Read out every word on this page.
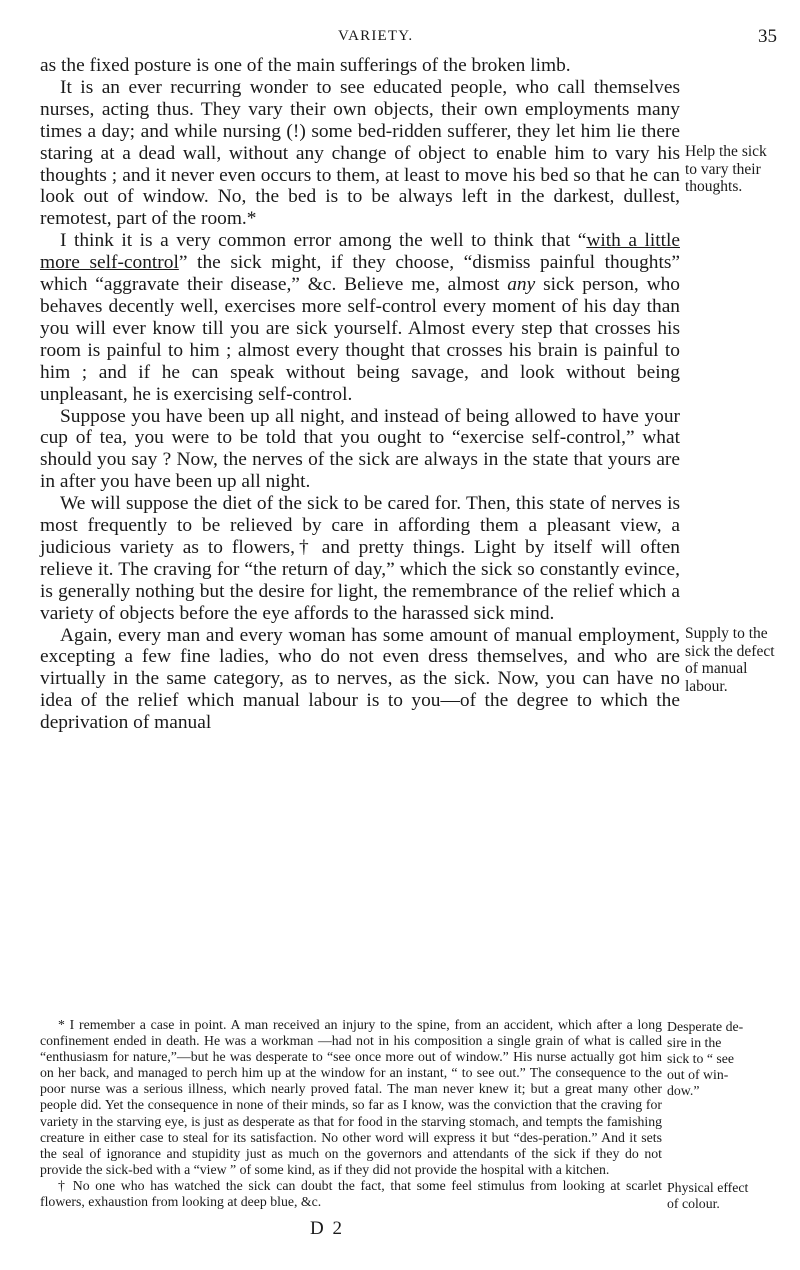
VARIETY.	35

as the fixed posture is one of the main sufferings of the broken limb.

It is an ever recurring wonder to see educated people, who call themselves nurses, acting thus. They vary their own objects, their own employments many times a day; and while nursing (!) some bed-ridden sufferer, they let him lie there staring at a dead wall, without any change of object to enable him to vary his thoughts ; and it never even occurs to them, at least to move his bed so that he can look out of window. No, the bed is to be always left in the darkest, dullest, remotest, part of the room.*

I think it is a very common error among the well to think that “with a little more self-control” the sick might, if they choose, “dismiss painful thoughts” which “aggravate their disease,” &c. Believe me, almost any sick person, who behaves decently well, exercises more self-control every moment of his day than you will ever know till you are sick yourself. Almost every step that crosses his room is painful to him ; almost every thought that crosses his brain is painful to him ; and if he can speak without being savage, and look without being unpleasant, he is exercising self-control.

Suppose you have been up all night, and instead of being allowed to have your cup of tea, you were to be told that you ought to “exercise self-control,” what should you say ? Now, the nerves of the sick are always in the state that yours are in after you have been up all night.

We will suppose the diet of the sick to be cared for. Then, this state of nerves is most frequently to be relieved by care in affording them a pleasant view, a judicious variety as to flowers,† and pretty things. Light by itself will often relieve it. The craving for “the return of day,” which the sick so constantly evince, is generally nothing but the desire for light, the remembrance of the relief which a variety of objects before the eye affords to the harassed sick mind.

Again, every man and every woman has some amount of manual employment, excepting a few fine ladies, who do not even dress themselves, and who are virtually in the same category, as to nerves, as the sick. Now, you can have no idea of the relief which manual labour is to you—of the degree to which the deprivation of manual

Help the sick
to vary their
thoughts.
Supply to the
sick the defect
of manual
labour.
Desperate de-
sire in the
sick to “ see
out of win-
dow.”
Physical effect
of colour.

* I remember a case in point. A man received an injury to the spine, from an accident, which after a long confinement ended in death. He was a workman —had not in his composition a single grain of what is called “enthusiasm for nature,”—but he was desperate to “see once more out of window.” His nurse actually got him on her back, and managed to perch him up at the window for an instant, “ to see out.” The consequence to the poor nurse was a serious illness, which nearly proved fatal. The man never knew it; but a great many other people did. Yet the consequence in none of their minds, so far as I know, was the conviction that the craving for variety in the starving eye, is just as desperate as that for food in the starving stomach, and tempts the famishing creature in either case to steal for its satisfaction. No other word will express it but “des-peration.” And it sets the seal of ignorance and stupidity just as much on the governors and attendants of the sick if they do not provide the sick-bed with a “view ” of some kind, as if they did not provide the hospital with a kitchen.

† No one who has watched the sick can doubt the fact, that some feel stimulus from looking at scarlet flowers, exhaustion from looking at deep blue, &c.

D 2
